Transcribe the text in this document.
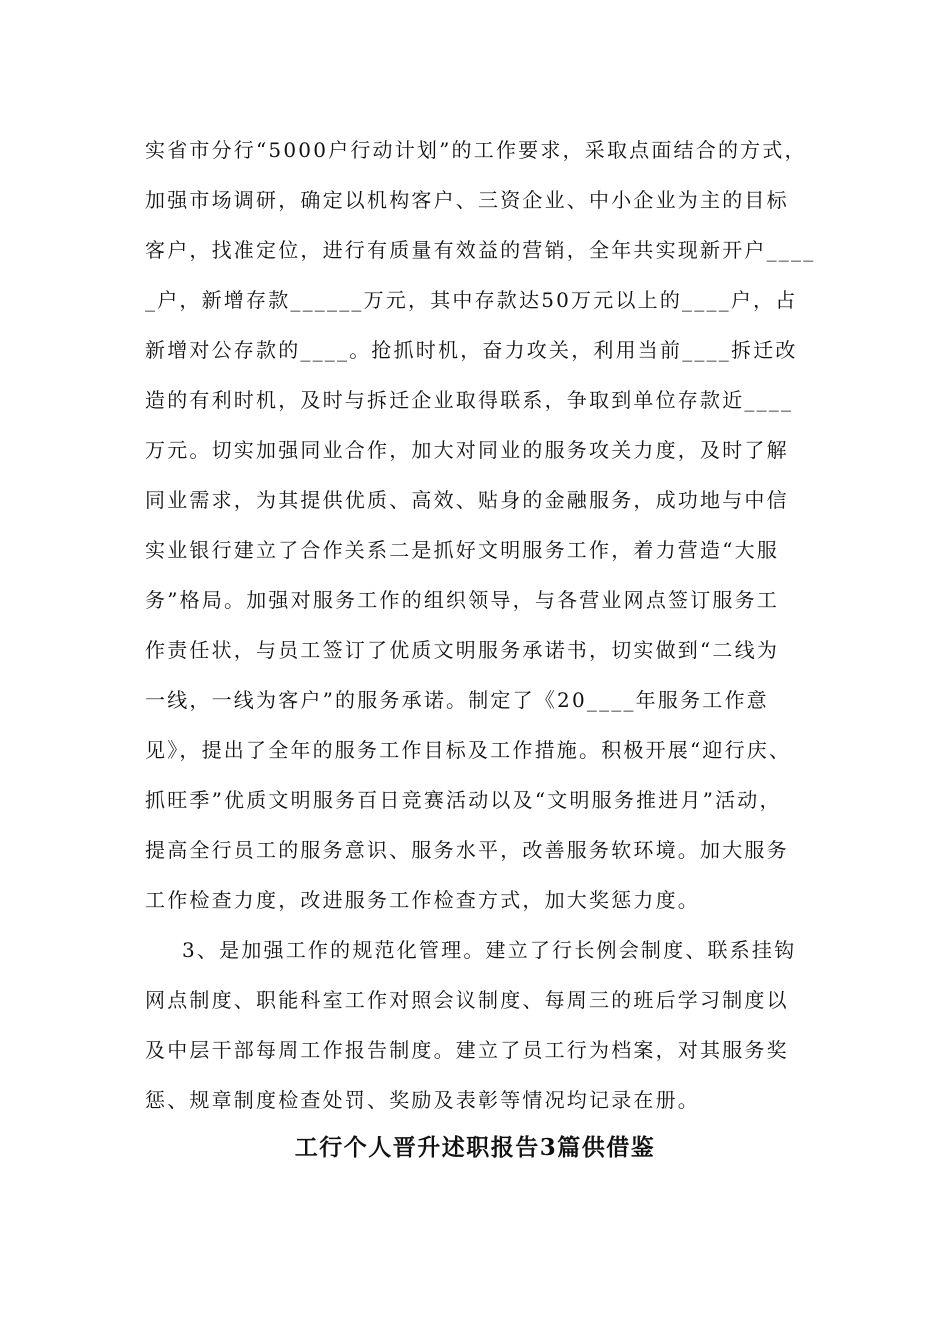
实省市分行“5000户行动计划”的工作要求，采取点面结合的方式，
加强市场调研，确定以机构客户、三资企业、中小企业为主的目标
客户，找准定位，进行有质量有效益的营销，全年共实现新开户____
_户，新增存款______万元，其中存款达50万元以上的____户，占
新增对公存款的____。抢抓时机，奋力攻关，利用当前____拆迁改
造的有利时机，及时与拆迁企业取得联系，争取到单位存款近____
万元。切实加强同业合作，加大对同业的服务攻关力度，及时了解
同业需求，为其提供优质、高效、贴身的金融服务，成功地与中信
实业银行建立了合作关系二是抓好文明服务工作，着力营造“大服
务”格局。加强对服务工作的组织领导，与各营业网点签订服务工
作责任状，与员工签订了优质文明服务承诺书，切实做到“二线为
一线，一线为客户”的服务承诺。制定了《20____年服务工作意
见》，提出了全年的服务工作目标及工作措施。积极开展“迎行庆、
抓旺季”优质文明服务百日竞赛活动以及“文明服务推进月”活动，
提高全行员工的服务意识、服务水平，改善服务软环境。加大服务
工作检查力度，改进服务工作检查方式，加大奖惩力度。
3、是加强工作的规范化管理。建立了行长例会制度、联系挂钩
网点制度、职能科室工作对照会议制度、每周三的班后学习制度以
及中层干部每周工作报告制度。建立了员工行为档案，对其服务奖
惩、规章制度检查处罚、奖励及表彰等情况均记录在册。
工行个人晋升述职报告3篇供借鉴
